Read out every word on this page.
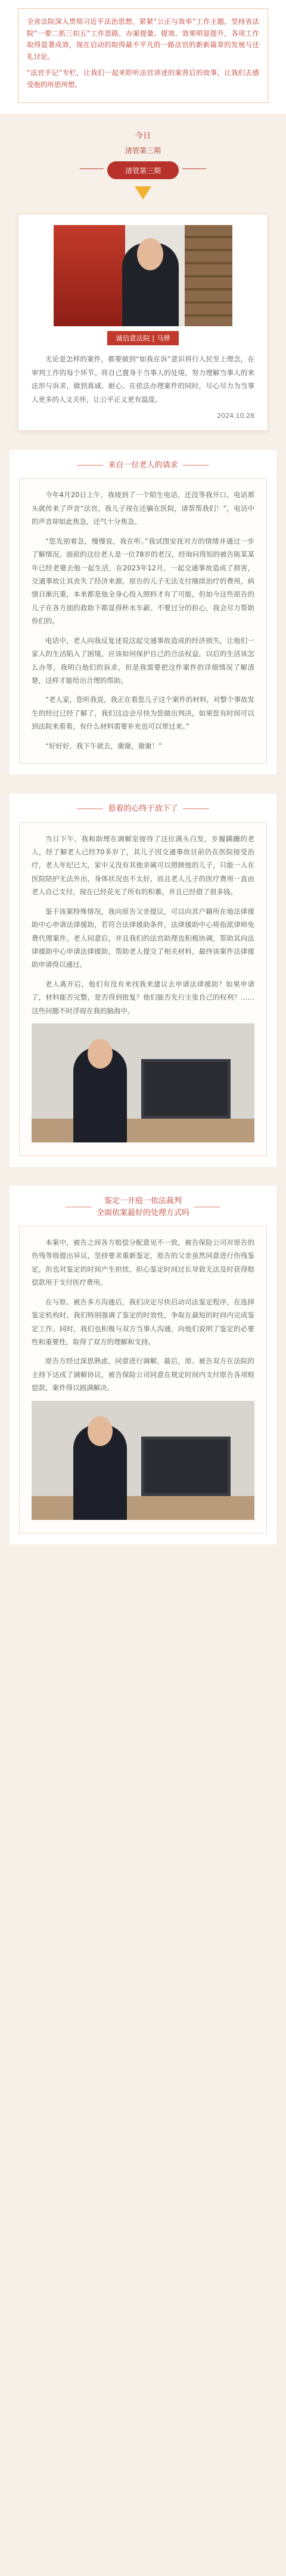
全省法院深入贯彻习近平法治思想，紧紧“公正与效率”工作主题，坚持省法院“一要二抓三扣五”工作思路，办案提量、提效、效果明显提升，各项工作取得显著成效，现在启动的取得最不平凡的一路法官的新新篇章的发展与还礼讨论。

“法官手记”专栏，让我们一起来聆听法官讲述的案背后的故事，让我们去感受他的所思所想。

今日
清管第三期
清管第三期
诚信意法院 | 马骅

无论是怎样的案件，都要做到“如我在诉”意识将行人民至上理念，在审判工作的每个环节。将自己置身于当事人的处境，努力理解当事人的来法形与诉求，做到真诚、耐心、在依法办理案件的同时，尽心尽力为当事人更多的人文关怀，让公平正义更有温度。

2024.10.28
来自一位老人的请求

今年4月20日上午，我接到了一个陌生电话，还没等我开口，电话那头就传来了声音“法官，我儿子现在还躺在医院，请帮帮我们！”，电话中的声音却如此焦急，还气十分焦急。

“您先别着急，慢慢说，我在听。”我试图安抚对方的情绪并通过一步了解情况。面前的这位老人是一位78岁的老汉，经询问得知的被告陈某某年已经老婆去他一起生活，在2023年12月，一起交通事故造成了损害，交通事故让其丧失了经济来源，原告的儿子无法支付继续治疗的费用，病情日渐沉重，本来都是他全身心投入照料才有了可能，但如今这些原告的儿子在各方面的救助下都显得杯水车薪。不要过分的担心，我会尽力帮助你们的。

电话中，老人向我反复述说这起交通事故造成的经济损失，让他们一家人的生活陷入了困境，应该如何保护自己的合法权益，以后的生活该怎么办等，我明白他们的诉求，但是我需要把这件案件的详细情况了解清楚，这样才能给出合理的帮助。

“老人家，您听我说，我正在看您儿子这个案件的材料，对整个事故发生的经过已经了解了，我们这边会尽快为您做出判决，如果您有时间可以到法院来看看，有什么材料需要补充也可以带过来。”

“好好好，我下午就去，谢谢，谢谢！”

悬着的心终于放下了

当日下午，我和助理在调解室接待了这位满头白发，步履蹒跚的老人，经了解老人已经70多岁了，其儿子因交通事故目前仍在医院接受治疗，老人年纪已大，家中又没有其他亲属可以照顾他的儿子，只能一人在医院陪护无法外出，身体状况也不太好，而且老人儿子的医疗费用一直由老人自己支付，现在已经花光了所有的积蓄，并且已经借了很多钱。

鉴于该案特殊情况，我向原告父亲提议，可以向其户籍所在地法律援助中心申请法律援助，若符合法律援助条件，法律援助中心将指派律师免费代理案件。老人同意后，并且我们的法官助理也积极协调，帮助其向法律援助中心申请法律援助，帮助老人提交了相关材料，最终该案件法律援助申请得以通过。

老人离开后，他们有没有来找我来建议去申请法律援助？如果申请了，材料能否完整，是否得到批复？他们能否先行主张自己的权利？……这些问题不时浮现在我的脑海中。

鉴定一开庭一依法裁判
全面依案最好的处理方式吗

本案中，被告之间各方赔偿分配意见不一致，被告保险公司对原告的伤残等级提出异议，坚持要求重新鉴定，原告的父亲虽然同意进行伤残鉴定，但也对鉴定的时间产生担忧，担心鉴定时间过长导致无法及时获得赔偿款用于支付医疗费用。

在与原、被告多方沟通后，我们决定尽快启动司法鉴定程序，在选择鉴定机构时，我们特别强调了鉴定的时效性，争取在最短的时间内完成鉴定工作。同时，我们也积极与双方当事人沟通，向他们说明了鉴定的必要性和重要性，取得了双方的理解和支持。

原告方经过深思熟虑，同意进行调解，最后，原、被告双方在法院的主持下达成了调解协议，被告保险公司同意在规定时间内支付原告各项赔偿款，案件得以圆满解决。
